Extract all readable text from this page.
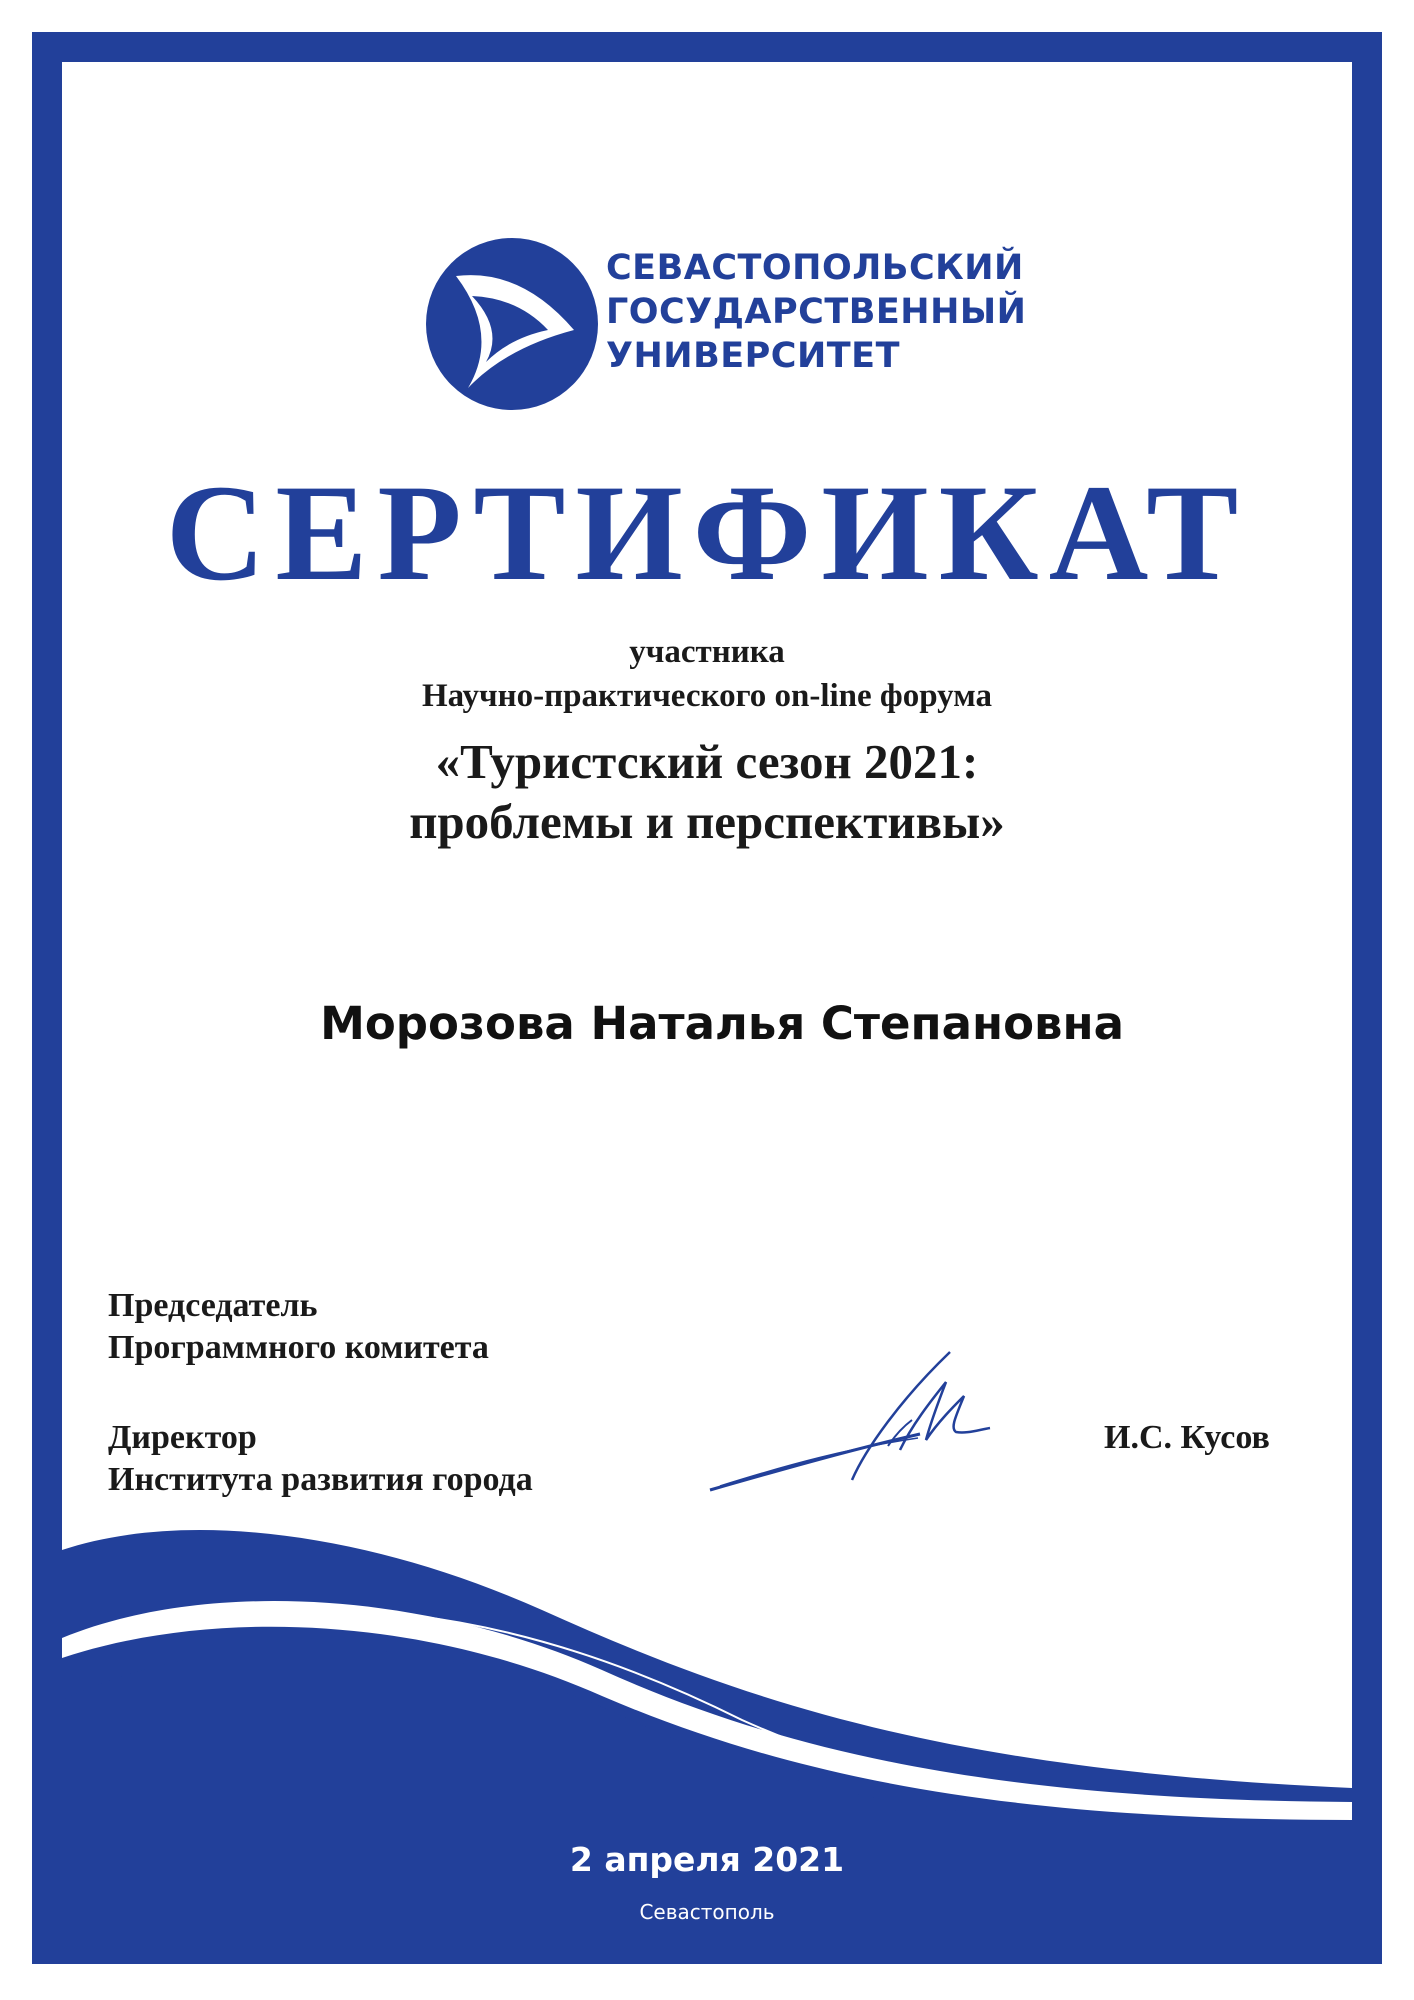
СЕВАСТОПОЛЬСКИЙ
ГОСУДАРСТВЕННЫЙ
УНИВЕРСИТЕТ
СЕРТИФИКАТ
участника
Научно-практического on-line форума
«Туристский сезон 2021:
проблемы и перспективы»
Морозова Наталья Степановна
Председатель
Программного комитета
Директор
Института развития города
И.С. Кусов
2 апреля 2021
Севастополь
